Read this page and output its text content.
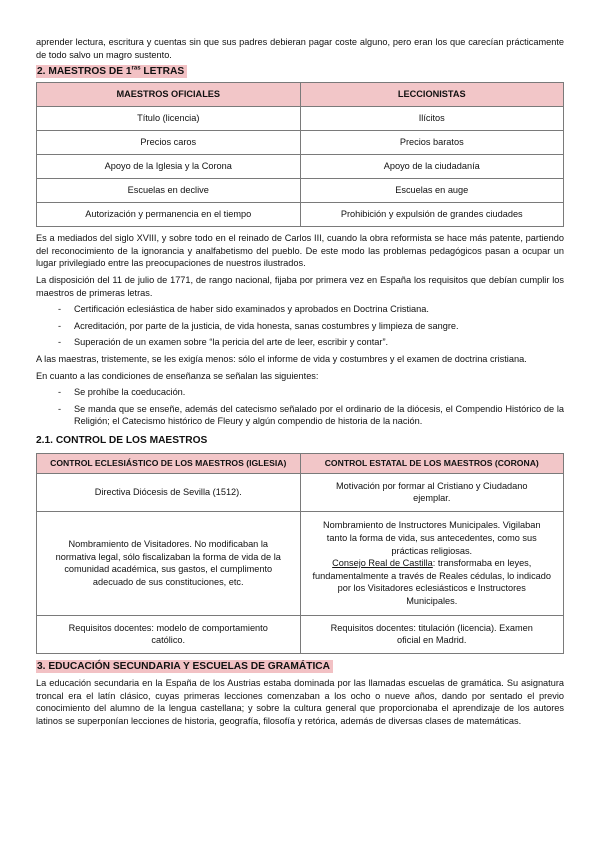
aprender lectura, escritura y cuentas sin que sus padres debieran pagar coste alguno, pero eran los que carecían prácticamente de todo salvo un magro sustento.

2. MAESTROS DE $1^{ras}$ LETRAS
MAESTROS OFICIALES	LECCIONISTAS
Título (licencia)	Ilícitos
Precios caros	Precios baratos
Apoyo de la Iglesia y la Corona	Apoyo de la ciudadanía
Escuelas en declive	Escuelas en auge
Autorización y permanencia en el tiempo	Prohibición y expulsión de grandes ciudades

Es a mediados del siglo XVIII, y sobre todo en el reinado de Carlos III, cuando la obra reformista se hace más patente, partiendo del reconocimiento de la ignorancia y analfabetismo del pueblo. De este modo las problemas pedagógicos pasan a ocupar un lugar privilegiado entre las preocupaciones de nuestros ilustrados.

La disposición del 11 de julio de 1771, de rango nacional, fijaba por primera vez en España los requisitos que debían cumplir los maestros de primeras letras.

- Certificación eclesiástica de haber sido examinados y aprobados en Doctrina Cristiana.
- Acreditación, por parte de la justicia, de vida honesta, sanas costumbres y limpieza de sangre.
- Superación de un examen sobre “la pericia del arte de leer, escribir y contar”.

A las maestras, tristemente, se les exigía menos: sólo el informe de vida y costumbres y el examen de doctrina cristiana.

En cuanto a las condiciones de enseñanza se señalan las siguientes:

- Se prohíbe la coeducación.
- Se manda que se enseñe, además del catecismo señalado por el ordinario de la diócesis, el Compendio Histórico de la Religión; el Catecismo histórico de Fleury y algún compendio de historia de la nación.
2.1. CONTROL DE LOS MAESTROS
CONTROL ECLESIÁSTICO DE LOS MAESTROS (IGLESIA)	CONTROL ESTATAL DE LOS MAESTROS (CORONA)
Directiva Diócesis de Sevilla (1512).	Motivación por formar al Cristiano y Ciudadano ejemplar.
Nombramiento de Visitadores. No modificaban la normativa legal, sólo fiscalizaban la forma de vida de la comunidad académica, sus gastos, el cumplimento adecuado de sus constituciones, etc.	Nombramiento de Instructores Municipales. Vigilaban tanto la forma de vida, sus antecedentes, como sus prácticas religiosas.
Consejo Real de Castilla: transformaba en leyes, fundamentalmente a través de Reales cédulas, lo indicado por los Visitadores eclesiásticos e Instructores Municipales.

Requisitos docentes: modelo de comportamiento católico.	Requisitos docentes: titulación (licencia). Examen oficial en Madrid.
3. EDUCACIÓN SECUNDARIA Y ESCUELAS DE GRAMÁTICA

La educación secundaria en la España de los Austrias estaba dominada por las llamadas escuelas de gramática. Su asignatura troncal era el latín clásico, cuyas primeras lecciones comenzaban a los ocho o nueve años, dando por sentado el previo conocimiento del alumno de la lengua castellana; y sobre la cultura general que proporcionaba el aprendizaje de los autores latinos se superponían lecciones de historia, geografía, filosofía y retórica, además de diversas clases de matemáticas.
